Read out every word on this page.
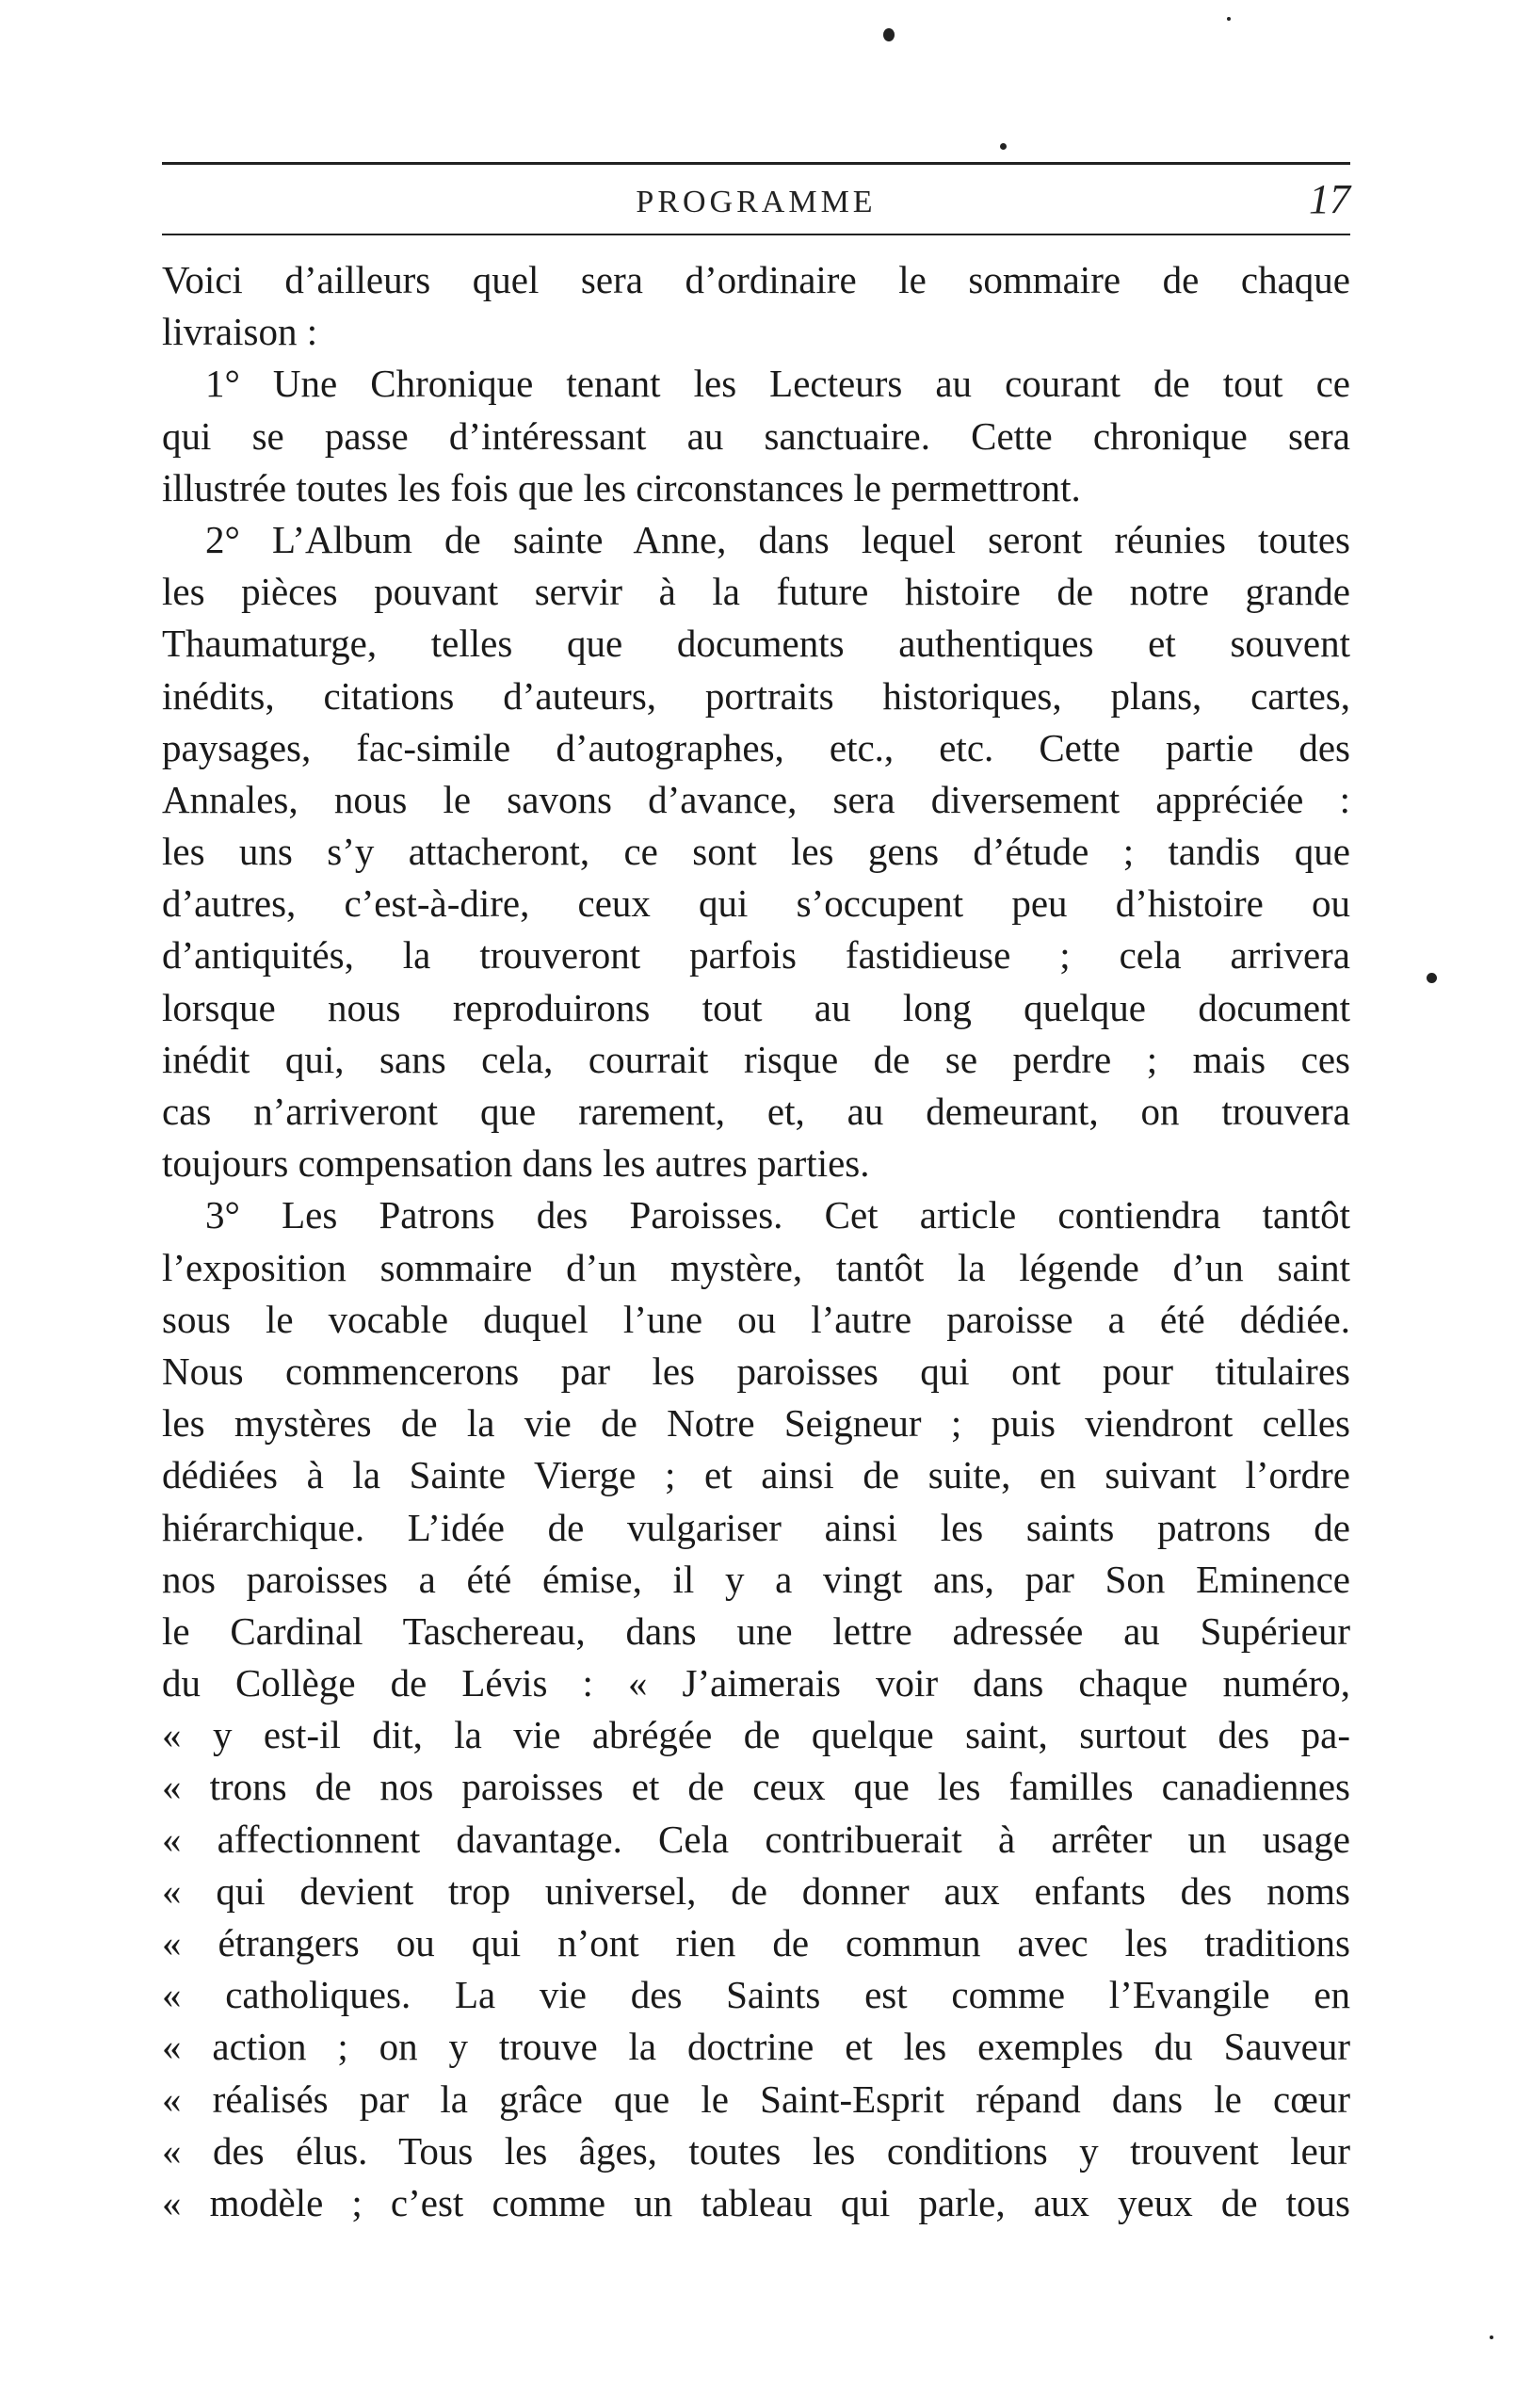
PROGRAMME	17
Voici d’ailleurs quel sera d’ordinaire le sommaire de chaque
livraison :
1° Une Chronique tenant les Lecteurs au courant de tout ce
qui se passe d’intéressant au sanctuaire. Cette chronique sera
illustrée toutes les fois que les circonstances le permettront.
2° L’Album de sainte Anne, dans lequel seront réunies toutes
les pièces pouvant servir à la future histoire de notre grande
Thaumaturge, telles que documents authentiques et souvent
inédits, citations d’auteurs, portraits historiques, plans, cartes,
paysages, fac-simile d’autographes, etc., etc. Cette partie des
Annales, nous le savons d’avance, sera diversement appréciée :
les uns s’y attacheront, ce sont les gens d’étude ; tandis que
d’autres, c’est-à-dire, ceux qui s’occupent peu d’histoire ou
d’antiquités, la trouveront parfois fastidieuse ; cela arrivera
lorsque nous reproduirons tout au long quelque document
inédit qui, sans cela, courrait risque de se perdre ; mais ces
cas n’arriveront que rarement, et, au demeurant, on trouvera
toujours compensation dans les autres parties.
3° Les Patrons des Paroisses. Cet article contiendra tantôt
l’exposition sommaire d’un mystère, tantôt la légende d’un saint
sous le vocable duquel l’une ou l’autre paroisse a été dédiée.
Nous commencerons par les paroisses qui ont pour titulaires
les mystères de la vie de Notre Seigneur ; puis viendront celles
dédiées à la Sainte Vierge ; et ainsi de suite, en suivant l’ordre
hiérarchique. L’idée de vulgariser ainsi les saints patrons de
nos paroisses a été émise, il y a vingt ans, par Son Eminence
le Cardinal Taschereau, dans une lettre adressée au Supérieur
du Collège de Lévis : « J’aimerais voir dans chaque numéro,
« y est-il dit, la vie abrégée de quelque saint, surtout des pa-
« trons de nos paroisses et de ceux que les familles canadiennes
« affectionnent davantage. Cela contribuerait à arrêter un usage
« qui devient trop universel, de donner aux enfants des noms
« étrangers ou qui n’ont rien de commun avec les traditions
« catholiques. La vie des Saints est comme l’Evangile en
« action ; on y trouve la doctrine et les exemples du Sauveur
« réalisés par la grâce que le Saint-Esprit répand dans le cœur
« des élus. Tous les âges, toutes les conditions y trouvent leur
« modèle ; c’est comme un tableau qui parle, aux yeux de tous
